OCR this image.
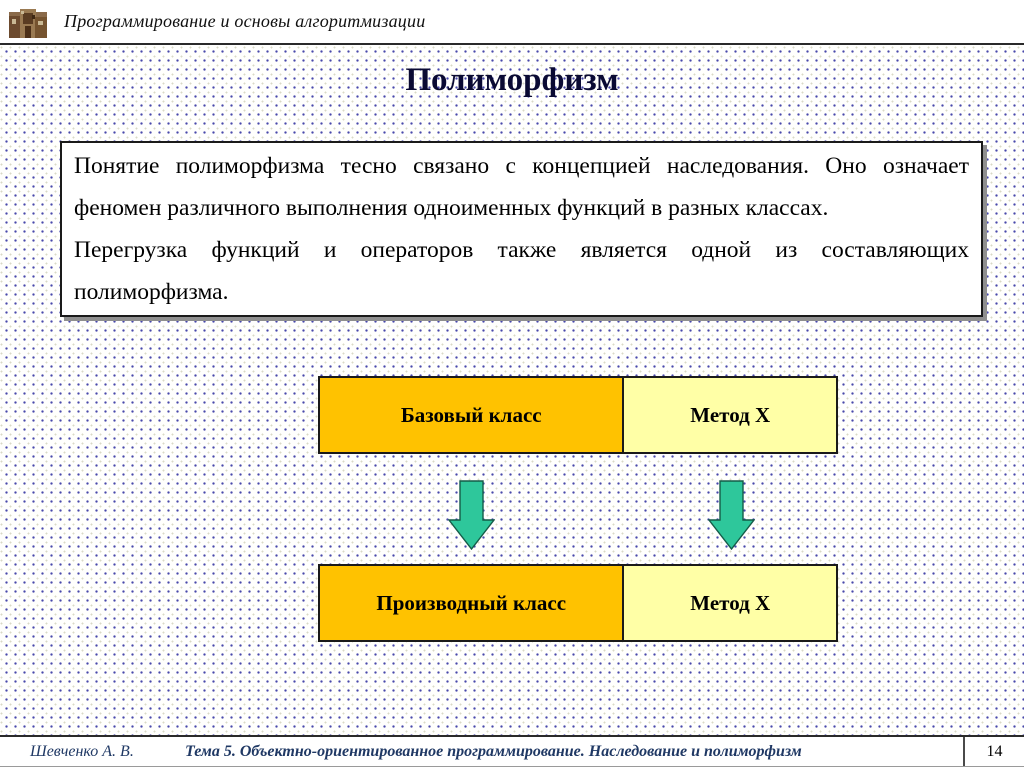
Программирование и основы алгоритмизации
Полиморфизм

Понятие полиморфизма тесно связано с концепцией наследования. Оно означает феномен различного выполнения одноименных функций в разных классах.

Перегрузка функций и операторов также является одной из составляющих полиморфизма.

Базовый класс	Метод X
Производный класс	Метод X
Шевченко А. В.	Тема 5. Объектно-ориентированное программирование. Наследование и полиморфизм	14
